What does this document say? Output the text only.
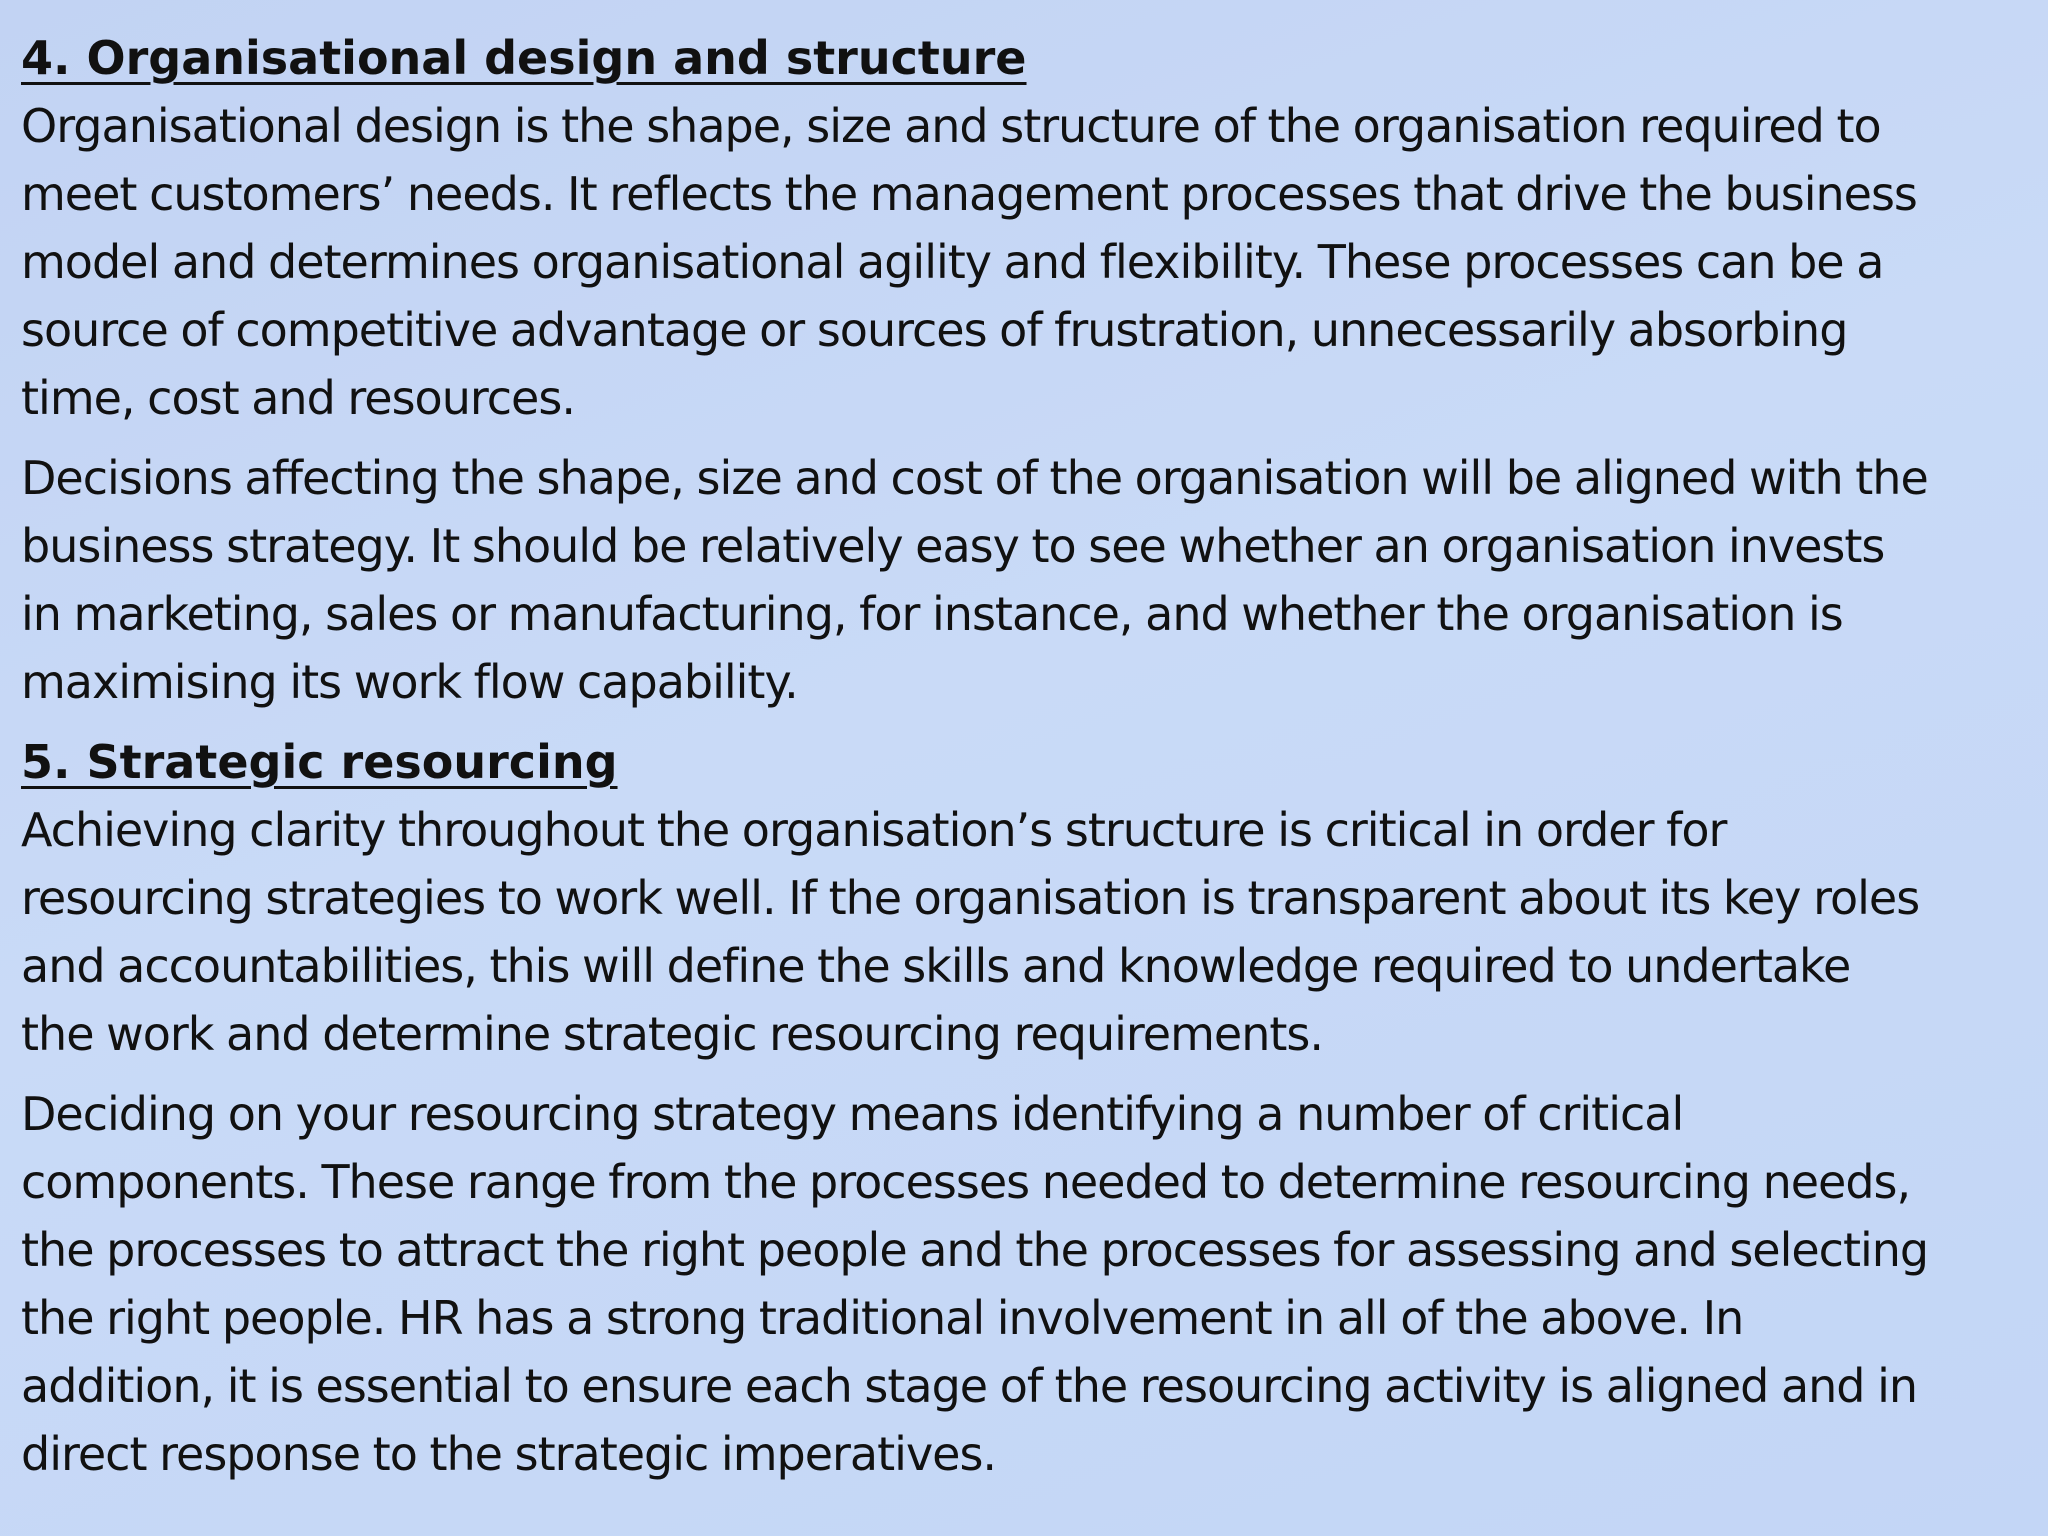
4. Organisational design and structure

Organisational design is the shape, size and structure of the organisation required to
meet customers’ needs. It reflects the management processes that drive the business
model and determines organisational agility and flexibility. These processes can be a
source of competitive advantage or sources of frustration, unnecessarily absorbing
time, cost and resources.

Decisions affecting the shape, size and cost of the organisation will be aligned with the
business strategy. It should be relatively easy to see whether an organisation invests
in marketing, sales or manufacturing, for instance, and whether the organisation is
maximising its work flow capability.

5. Strategic resourcing

Achieving clarity throughout the organisation’s structure is critical in order for
resourcing strategies to work well. If the organisation is transparent about its key roles
and accountabilities, this will define the skills and knowledge required to undertake
the work and determine strategic resourcing requirements.

Deciding on your resourcing strategy means identifying a number of critical
components. These range from the processes needed to determine resourcing needs,
the processes to attract the right people and the processes for assessing and selecting
the right people. HR has a strong traditional involvement in all of the above. In
addition, it is essential to ensure each stage of the resourcing activity is aligned and in
direct response to the strategic imperatives.
